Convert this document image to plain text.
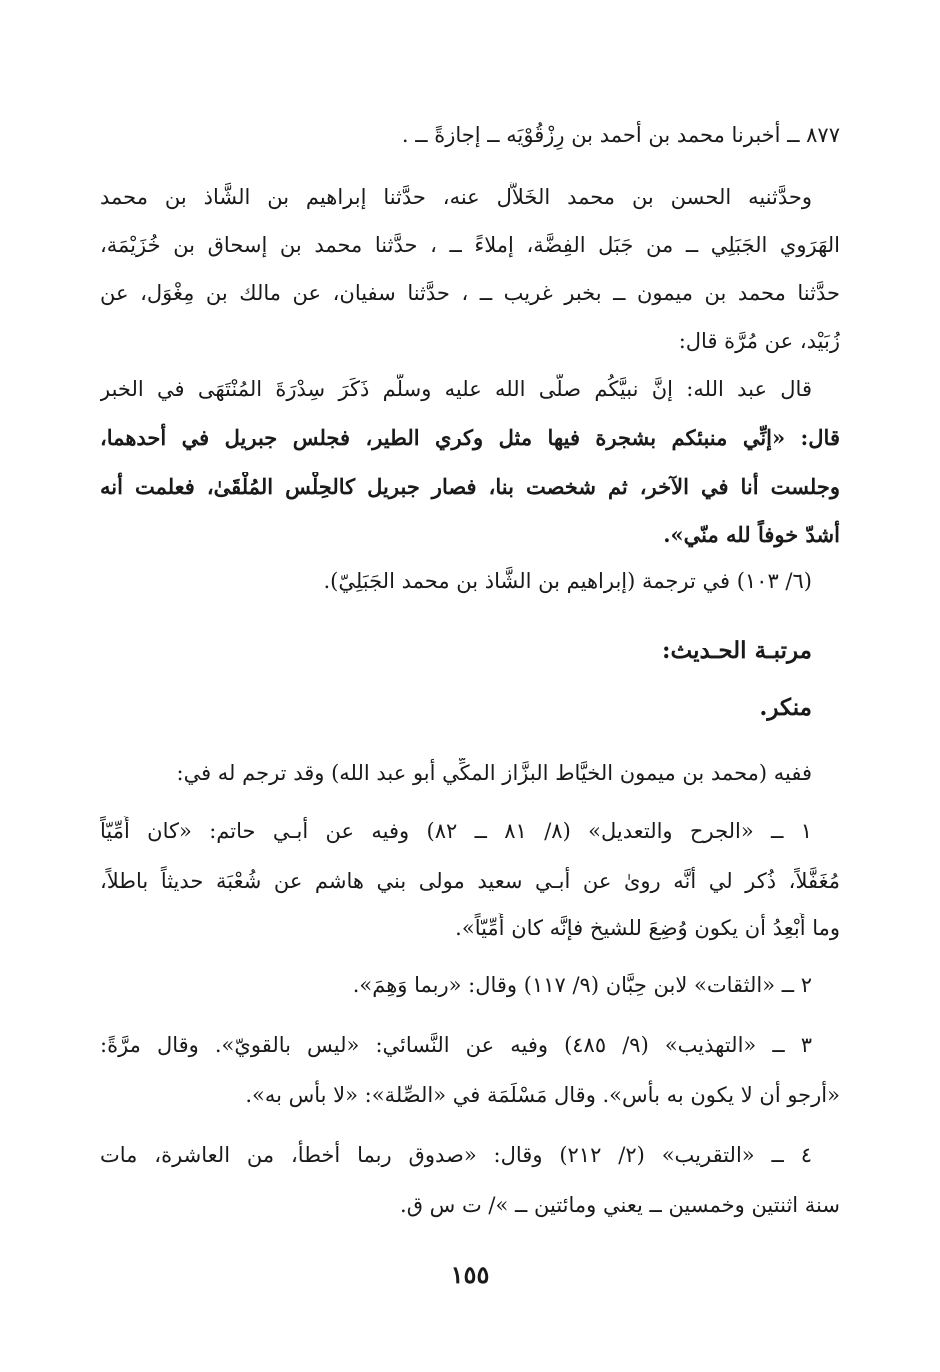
٨٧٧ ــ أخبرنا محمد بن أحمد بن رِزْقُوْيَه ــ إجازةً ــ .
وحدَّثنيه الحسن بن محمد الخَلاَّل عنه، حدَّثنا إبراهيم بن الشَّاذ بن محمد
الهَرَوي الجَبَلِي ــ من جَبَل الفِضَّة، إملاءً ــ ، حدَّثنا محمد بن إسحاق بن خُزَيْمَة،
حدَّثنا محمد بن ميمون ــ بخبر غريب ــ ، حدَّثنا سفيان، عن مالك بن مِغْوَل، عن
زُبَيْد، عن مُرَّة قال:
قال عبد الله: إنَّ نبيَّكُم صلَّى الله عليه وسلَّم ذَكَرَ سِدْرَةَ المُنْتَهَى في الخبر
قال: «إنِّي منبئكم بشجرة فيها مثل وكري الطير، فجلس جبريل في أحدهما،
وجلست أنا في الآخر، ثم شخصت بنا، فصار جبريل كالحِلْس المُلْقَىٰ، فعلمت أنه
أشدّ خوفاً لله منّي».
(٦/ ١٠٣) في ترجمة (إبراهيم بن الشَّاذ بن محمد الجَبَلِيّ).
مرتبـة الحـديث:
منكر.
ففيه (محمد بن ميمون الخيَّاط البزَّاز المكِّي أبو عبد الله) وقد ترجم له في:
١ ــ «الجرح والتعديل» (٨/ ٨١ ــ ٨٢) وفيه عن أبـي حاتم: «كان أُمِّيّاً
مُغَفَّلاً، ذُكر لي أنَّه روىٰ عن أبـي سعيد مولى بني هاشم عن شُعْبَة حديثاً باطلاً،
وما أُبْعِدُ أن يكون وُضِعَ للشيخ فإنَّه كان أُمِّيّاً».
٢ ــ «الثقات» لابن حِبَّان (٩/ ١١٧) وقال: «ربما وَهِمَ».
٣ ــ «التهذيب» (٩/ ٤٨٥) وفيه عن النَّسائي: «ليس بالقويّ». وقال مرَّةً:
«أرجو أن لا يكون به بأس». وقال مَسْلَمَة في «الصِّلة»: «لا بأس به».
٤ ــ «التقريب» (٢/ ٢١٢) وقال: «صدوق ربما أخطأ، من العاشرة، مات
سنة اثنتين وخمسين ــ يعني ومائتين ــ »/ ت س ق.
١٥٥
